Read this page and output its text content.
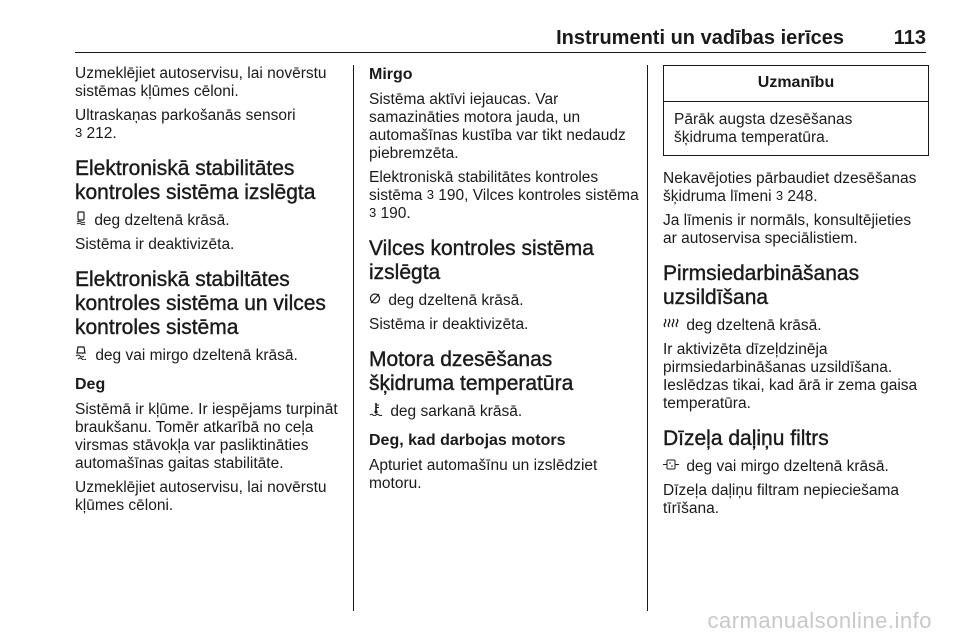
Instrumenti un vadības ierīces 113

Uzmeklējiet autoservisu, lai novērstu sistēmas kļūmes cēloni.

Ultraskaņas parkošanās sensori
3 212.

Elektroniskā stabilitātes kontroles sistēma izslēgta

deg dzeltenā krāsā.

Sistēma ir deaktivizēta.

Elektroniskā stabiltātes kontroles sistēma un vilces kontroles sistēma

deg vai mirgo dzeltenā krāsā.

Deg

Sistēmā ir kļūme. Ir iespējams turpināt braukšanu. Tomēr atkarībā no ceļa virsmas stāvokļa var pasliktināties automašīnas gaitas stabilitāte.

Uzmeklējiet autoservisu, lai novērstu kļūmes cēloni.

Mirgo

Sistēma aktīvi iejaucas. Var samazināties motora jauda, un automašīnas kustība var tikt nedaudz piebremzēta.

Elektroniskā stabilitātes kontroles sistēma 3 190, Vilces kontroles sistēma 3 190.

Vilces kontroles sistēma izslēgta

deg dzeltenā krāsā.

Sistēma ir deaktivizēta.

Motora dzesēšanas šķidruma temperatūra

deg sarkanā krāsā.

Deg, kad darbojas motors

Apturiet automašīnu un izslēdziet motoru.

Uzmanību
Pārāk augsta dzesēšanas šķidruma temperatūra.

Nekavējoties pārbaudiet dzesēšanas šķidruma līmeni 3 248.

Ja līmenis ir normāls, konsultējieties ar autoservisa speciālistiem.

Pirmsiedarbināšanas uzsildīšana

deg dzeltenā krāsā.

Ir aktivizēta dīzeļdzinēja pirmsiedarbināšanas uzsildīšana. Ieslēdzas tikai, kad ārā ir zema gaisa temperatūra.

Dīzeļa daļiņu filtrs

deg vai mirgo dzeltenā krāsā.

Dīzeļa daļiņu filtram nepieciešama tīrīšana.

carmanualsonline.info
